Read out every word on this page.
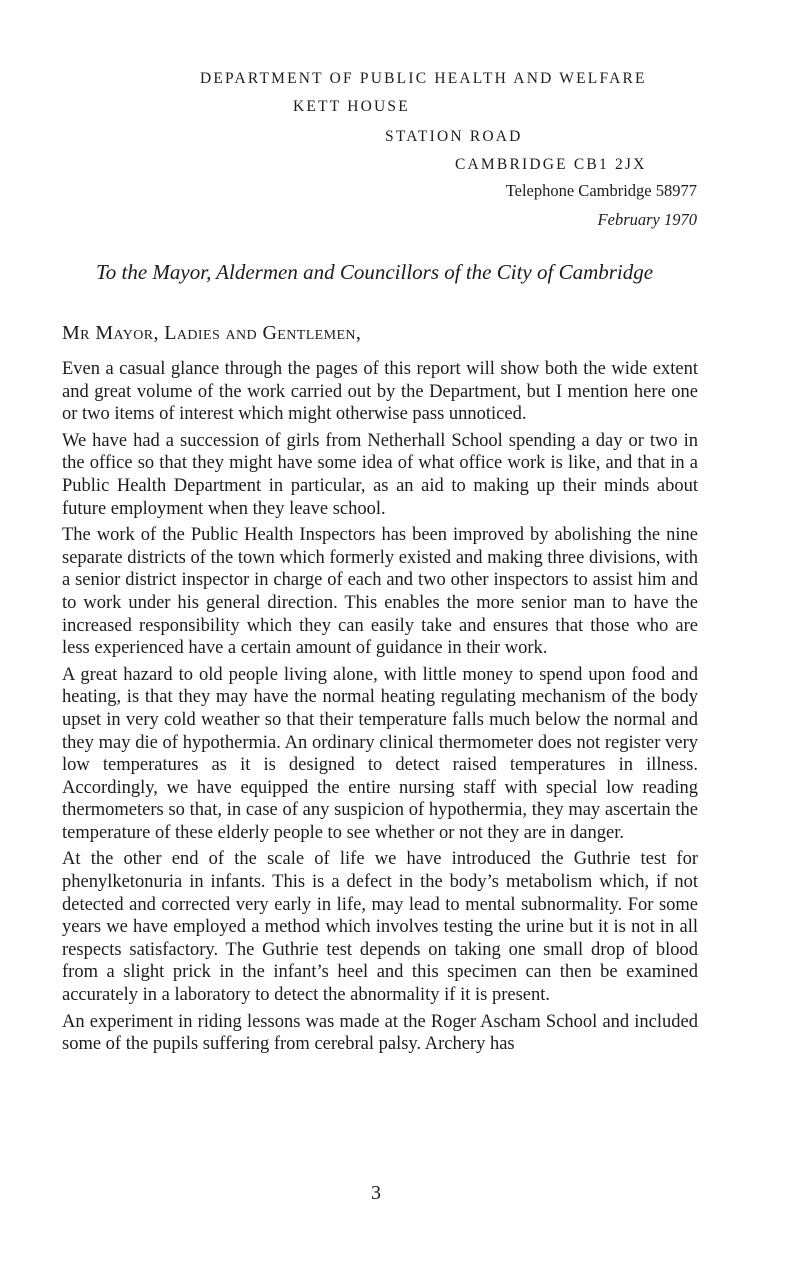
DEPARTMENT OF PUBLIC HEALTH AND WELFARE

KETT HOUSE

STATION ROAD

CAMBRIDGE CB1 2JX

Telephone Cambridge 58977

February 1970

To the Mayor, Aldermen and Councillors of the City of Cambridge

Mr Mayor, Ladies and Gentlemen,

Even a casual glance through the pages of this report will show both the wide extent and great volume of the work carried out by the Department, but I mention here one or two items of interest which might otherwise pass unnoticed.

We have had a succession of girls from Netherhall School spending a day or two in the office so that they might have some idea of what office work is like, and that in a Public Health Department in particular, as an aid to making up their minds about future employment when they leave school.

The work of the Public Health Inspectors has been improved by abolishing the nine separate districts of the town which formerly existed and making three divisions, with a senior district inspector in charge of each and two other inspectors to assist him and to work under his general direction. This enables the more senior man to have the increased responsibility which they can easily take and ensures that those who are less experienced have a certain amount of guidance in their work.

A great hazard to old people living alone, with little money to spend upon food and heating, is that they may have the normal heating regulating mechanism of the body upset in very cold weather so that their temperature falls much below the normal and they may die of hypothermia. An ordinary clinical thermometer does not register very low temperatures as it is designed to detect raised temperatures in illness. Accordingly, we have equipped the entire nursing staff with special low reading thermometers so that, in case of any suspicion of hypothermia, they may ascertain the temperature of these elderly people to see whether or not they are in danger.

At the other end of the scale of life we have introduced the Guthrie test for phenylketonuria in infants. This is a defect in the body’s metabolism which, if not detected and corrected very early in life, may lead to mental subnormality. For some years we have employed a method which involves testing the urine but it is not in all respects satisfactory. The Guthrie test depends on taking one small drop of blood from a slight prick in the infant’s heel and this specimen can then be examined accurately in a laboratory to detect the abnormality if it is present.

An experiment in riding lessons was made at the Roger Ascham School and included some of the pupils suffering from cerebral palsy. Archery has

3
